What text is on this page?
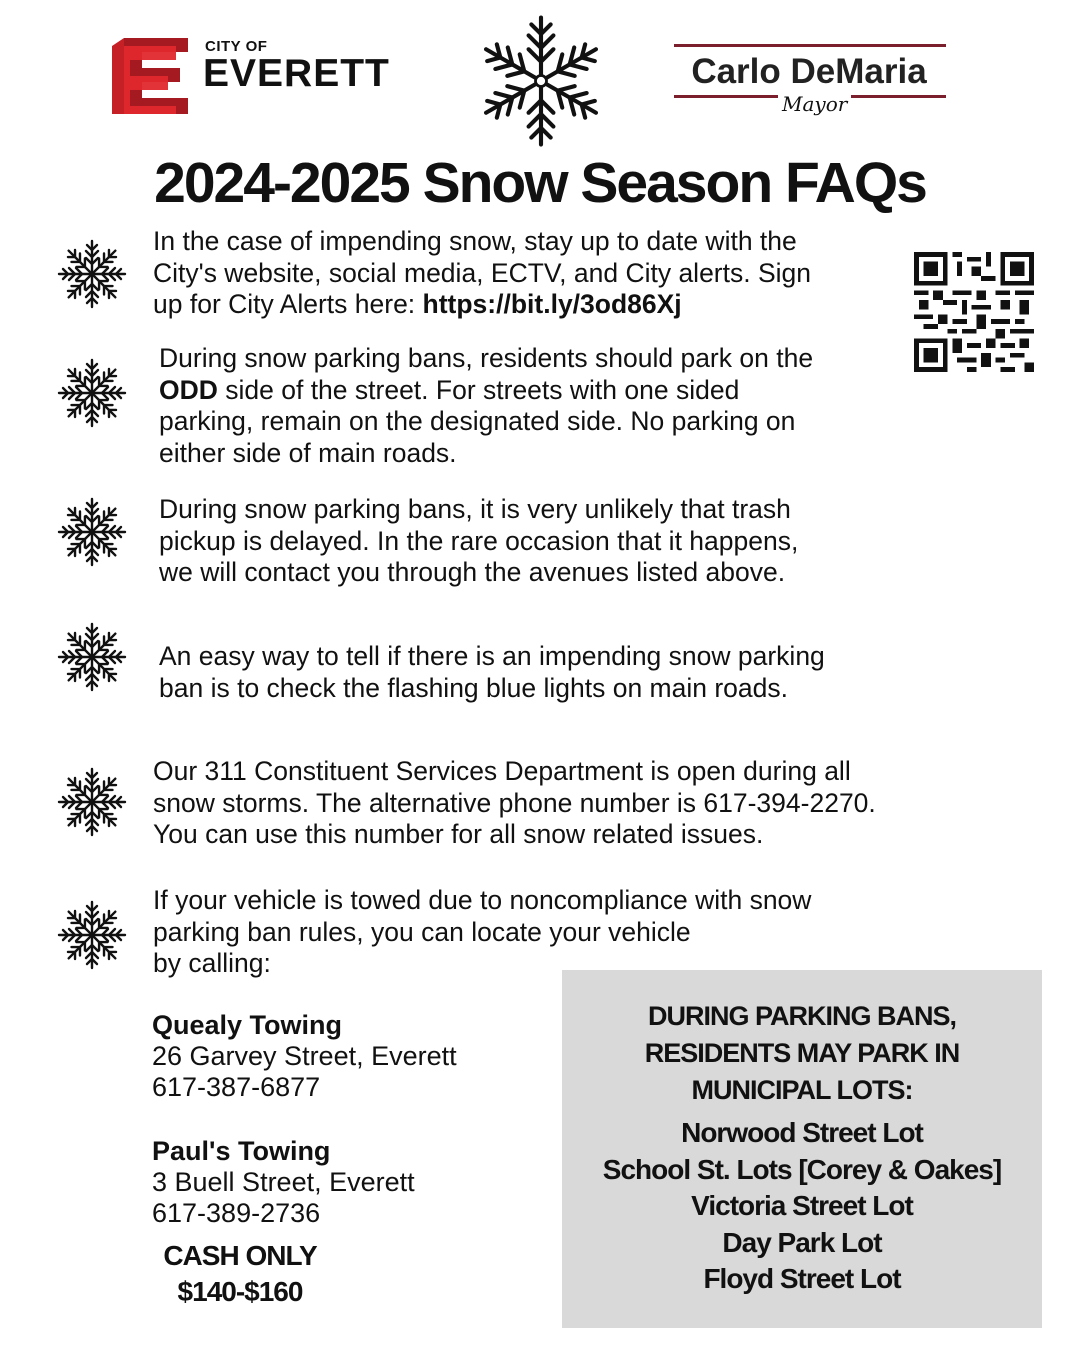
CITY OF
EVERETT	Carlo DeMaria
Mayor
2024-2025 Snow Season FAQs
In the case of impending snow, stay up to date with the
City's website, social media, ECTV, and City alerts. Sign
up for City Alerts here: https://bit.ly/3od86Xj
During snow parking bans, residents should park on the
ODD side of the street. For streets with one sided
parking, remain on the designated side. No parking on
either side of main roads.
During snow parking bans, it is very unlikely that trash
pickup is delayed. In the rare occasion that it happens,
we will contact you through the avenues listed above.
An easy way to tell if there is an impending snow parking
ban is to check the flashing blue lights on main roads.
Our 311 Constituent Services Department is open during all
snow storms. The alternative phone number is 617-394-2270.
You can use this number for all snow related issues.
If your vehicle is towed due to noncompliance with snow
parking ban rules, you can locate your vehicle
by calling:
Quealy Towing
26 Garvey Street, Everett
617-387-6877
Paul's Towing
3 Buell Street, Everett
617-389-2736
CASH ONLY
$140-$160
DURING PARKING BANS,
RESIDENTS MAY PARK IN
MUNICIPAL LOTS:
Norwood Street Lot
School St. Lots [Corey & Oakes]
Victoria Street Lot
Day Park Lot
Floyd Street Lot
